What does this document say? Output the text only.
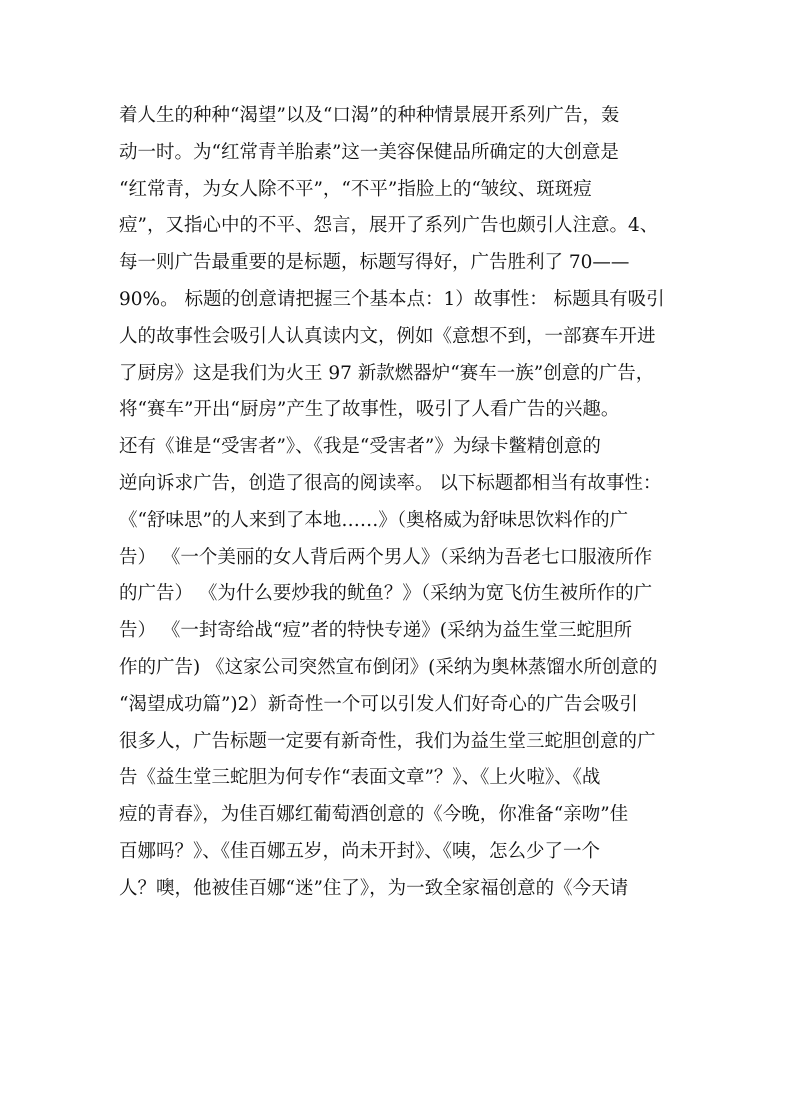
着人生的种种“渴望”以及“口渴”的种种情景展开系列广告，轰
动一时。为“红常青羊胎素”这一美容保健品所确定的大创意是
“红常青，为女人除不平”，“不平”指脸上的“皱纹、斑斑痘
痘”，又指心中的不平、怨言，展开了系列广告也颇引人注意。4、
每一则广告最重要的是标题，标题写得好，广告胜利了 70——
90%。 标题的创意请把握三个基本点：1）故事性： 标题具有吸引
人的故事性会吸引人认真读内文，例如《意想不到，一部赛车开进
了厨房》这是我们为火王 97 新款燃器炉“赛车一族”创意的广告，
将“赛车”开出“厨房”产生了故事性，吸引了人看广告的兴趣。
还有《谁是“受害者”》、《我是“受害者”》为绿卡鳖精创意的
逆向诉求广告，创造了很高的阅读率。 以下标题都相当有故事性：
《“舒味思”的人来到了本地……》（奥格威为舒味思饮料作的广
告） 《一个美丽的女人背后两个男人》（采纳为吾老七口服液所作
的广告） 《为什么要炒我的鱿鱼？》（采纳为宽飞仿生被所作的广
告） 《一封寄给战“痘”者的特快专递》(采纳为益生堂三蛇胆所
作的广告) 《这家公司突然宣布倒闭》(采纳为奥林蒸馏水所创意的
“渴望成功篇”)2）新奇性一个可以引发人们好奇心的广告会吸引
很多人，广告标题一定要有新奇性，我们为益生堂三蛇胆创意的广
告《益生堂三蛇胆为何专作“表面文章”？》、《上火啦》、《战
痘的青春》，为佳百娜红葡萄酒创意的《今晚，你准备“亲吻”佳
百娜吗？》、《佳百娜五岁，尚未开封》、《咦，怎么少了一个
人？噢，他被佳百娜“迷”住了》，为一致全家福创意的《今天请
